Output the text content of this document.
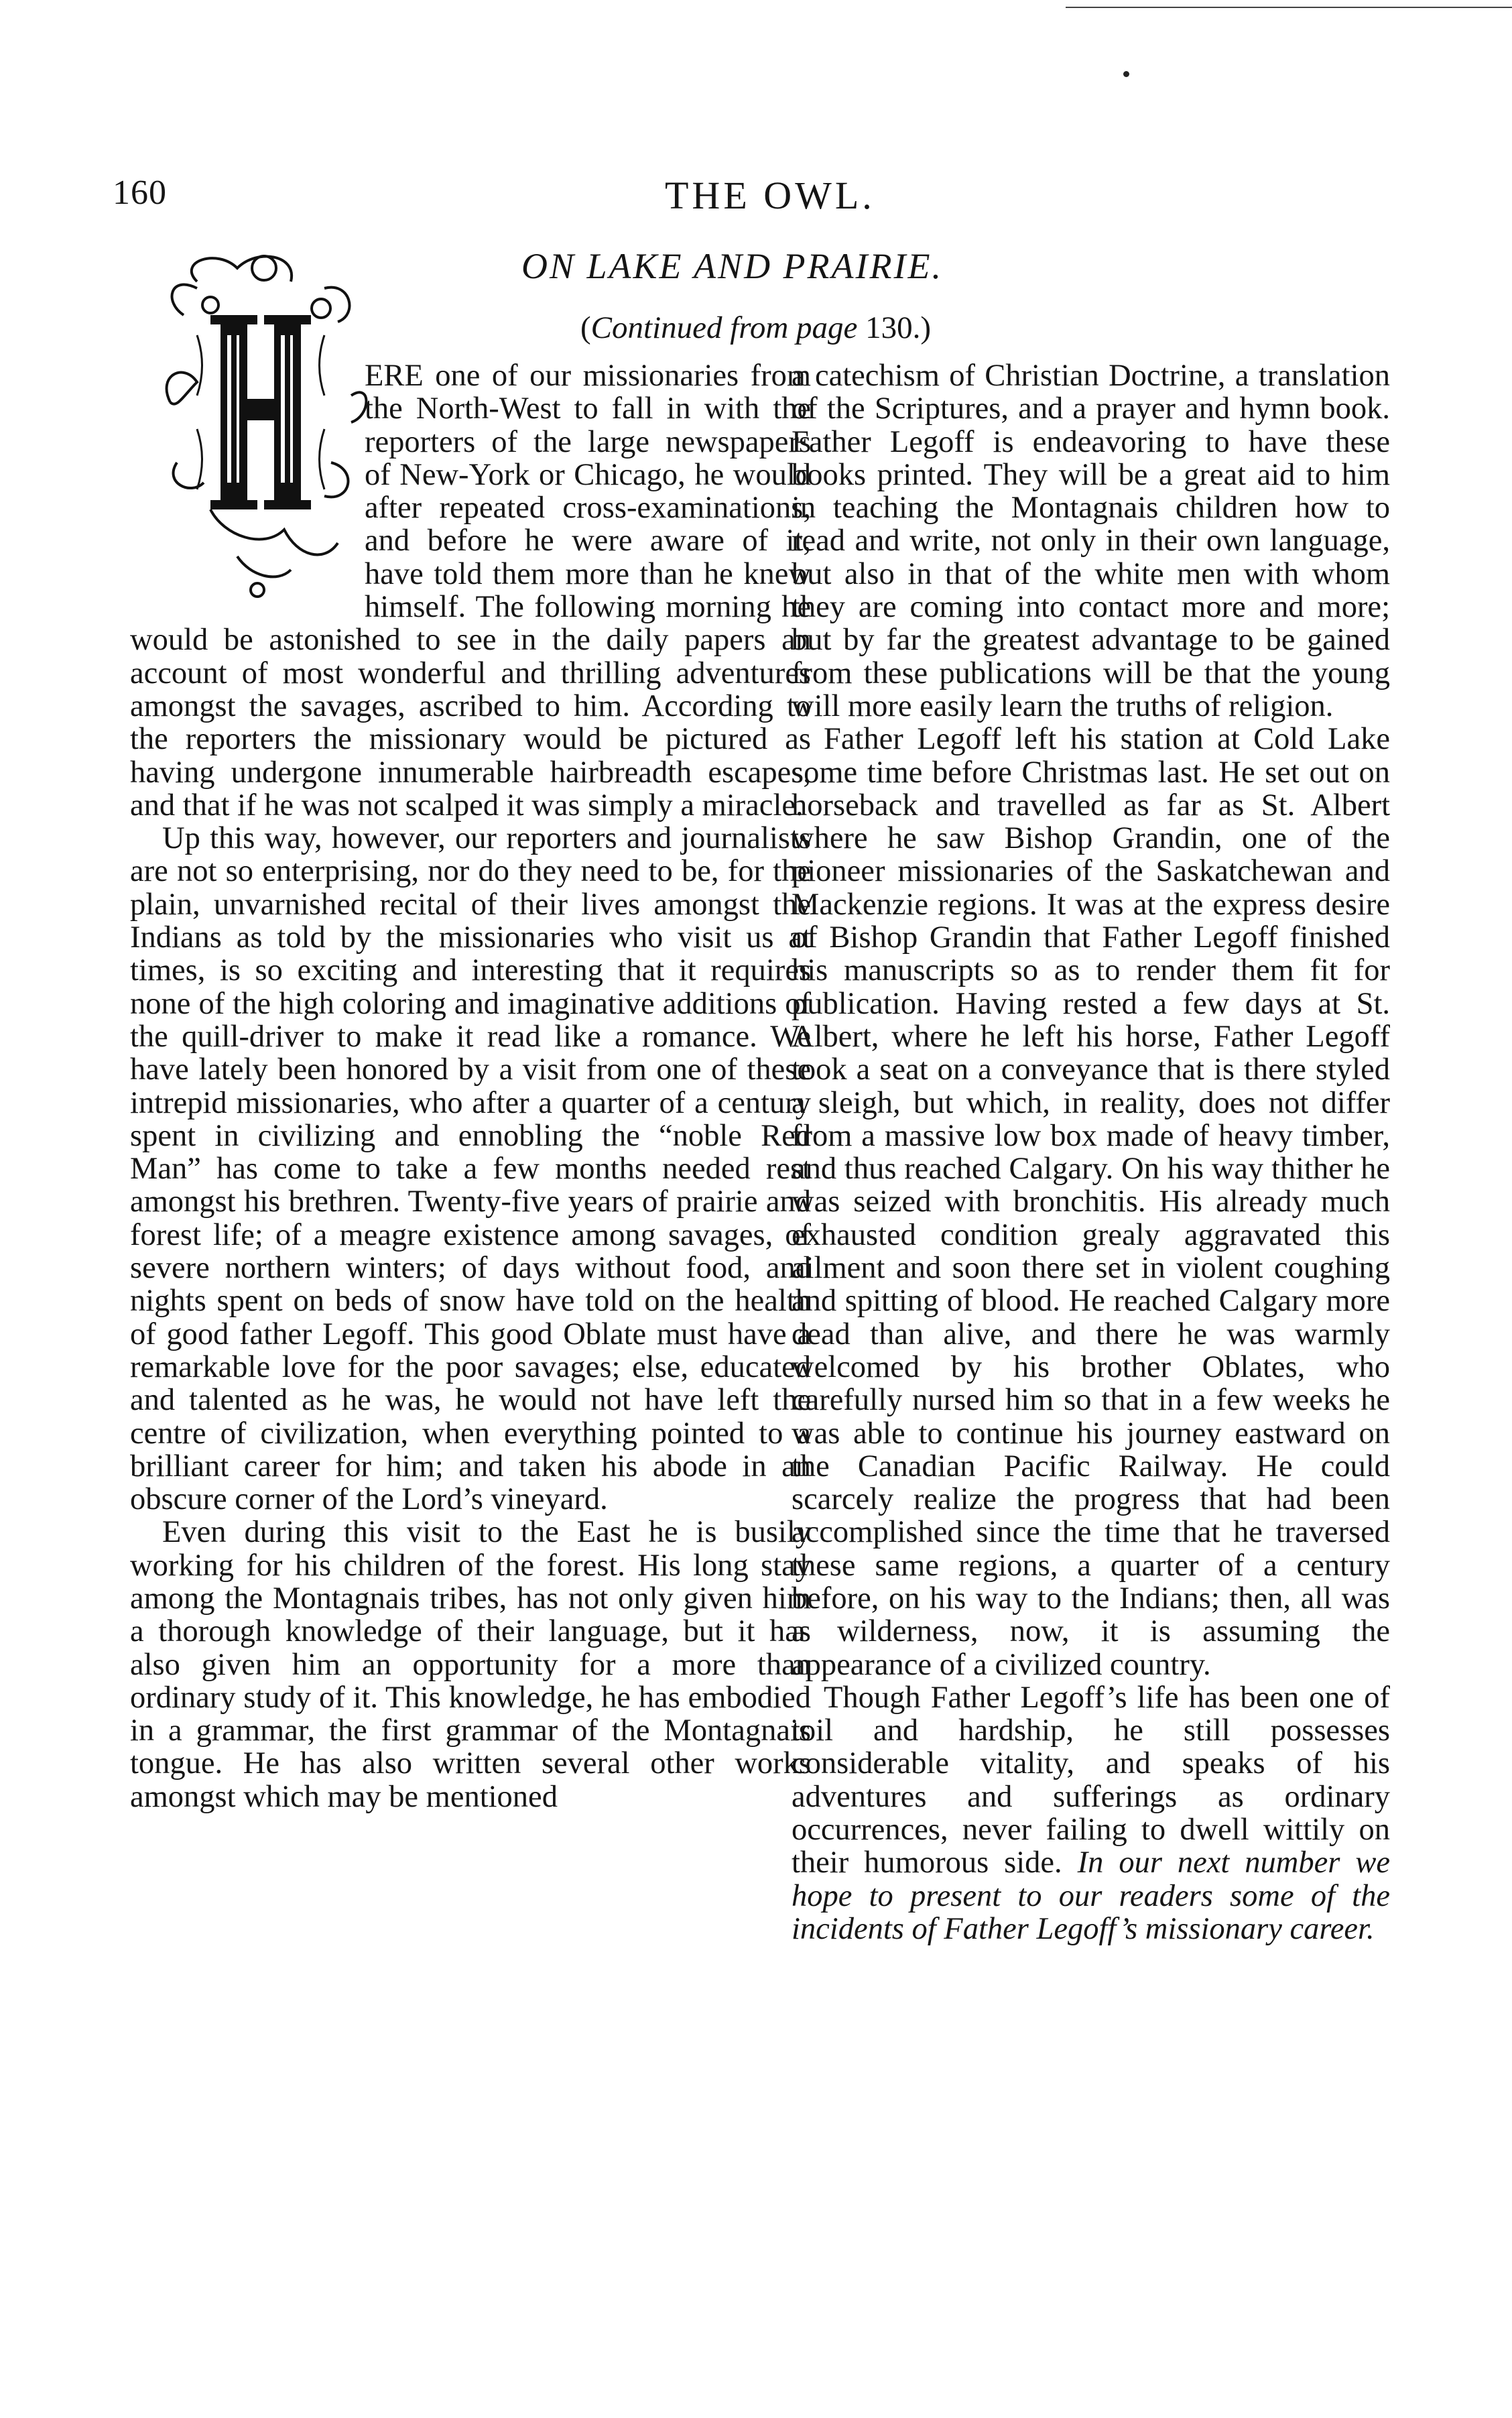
160	THE OWL.
ON LAKE AND PRAIRIE.
(Continued from page 130.)

ERE one of our missionaries from the North-West to fall in with the reporters of the large newspapers of New-York or Chicago, he would after repeated cross-examinations, and before he were aware of it, have told them more than he knew himself. The following morning he would be astonished to see in the daily papers an account of most wonderful and thrilling adventures amongst the savages, ascribed to him. According to the reporters the missionary would be pictured as having undergone innumerable hairbreadth escapes, and that if he was not scalped it was simply a miracle.

Up this way, however, our reporters and journalists are not so enterprising, nor do they need to be, for the plain, unvarnished recital of their lives amongst the Indians as told by the missionaries who visit us at times, is so exciting and interesting that it requires none of the high coloring and imaginative additions of the quill-driver to make it read like a romance. We have lately been honored by a visit from one of these intrepid missionaries, who after a quarter of a century spent in civilizing and ennobling the “noble Red Man” has come to take a few months needed rest amongst his brethren. Twenty-five years of prairie and forest life; of a meagre existence among savages, of severe northern winters; of days without food, and nights spent on beds of snow have told on the health of good father Legoff. This good Oblate must have a remarkable love for the poor savages; else, educated and talented as he was, he would not have left the centre of civilization, when everything pointed to a brilliant career for him; and taken his abode in an obscure corner of the Lord’s vineyard.

Even during this visit to the East he is busily working for his children of the forest. His long stay among the Montagnais tribes, has not only given him a thorough knowledge of their language, but it has also given him an opportunity for a more than ordinary study of it. This knowledge, he has embodied in a grammar, the first grammar of the Montagnais tongue. He has also written several other works amongst which may be mentioned

a catechism of Christian Doctrine, a translation of the Scriptures, and a prayer and hymn book. Father Legoff is endeavoring to have these books printed. They will be a great aid to him in teaching the Montagnais children how to read and write, not only in their own language, but also in that of the white men with whom they are coming into contact more and more; but by far the greatest advantage to be gained from these publications will be that the young will more easily learn the truths of religion.

Father Legoff left his station at Cold Lake some time before Christmas last. He set out on horseback and travelled as far as St. Albert where he saw Bishop Grandin, one of the pioneer missionaries of the Saskatchewan and Mackenzie regions. It was at the express desire of Bishop Grandin that Father Legoff finished his manuscripts so as to render them fit for publication. Having rested a few days at St. Albert, where he left his horse, Father Legoff took a seat on a conveyance that is there styled a sleigh, but which, in reality, does not differ from a massive low box made of heavy timber, and thus reached Calgary. On his way thither he was seized with bronchitis. His already much exhausted condition grealy aggravated this ailment and soon there set in violent coughing and spitting of blood. He reached Calgary more dead than alive, and there he was warmly welcomed by his brother Oblates, who carefully nursed him so that in a few weeks he was able to continue his journey eastward on the Canadian Pacific Railway. He could scarcely realize the progress that had been accomplished since the time that he traversed these same regions, a quarter of a century before, on his way to the Indians; then, all was a wilderness, now, it is assuming the appearance of a civilized country.

Though Father Legoff’s life has been one of toil and hardship, he still possesses considerable vitality, and speaks of his adventures and sufferings as ordinary occurrences, never failing to dwell wittily on their humorous side. In our next number we hope to present to our readers some of the incidents of Father Legoff’s missionary career.
